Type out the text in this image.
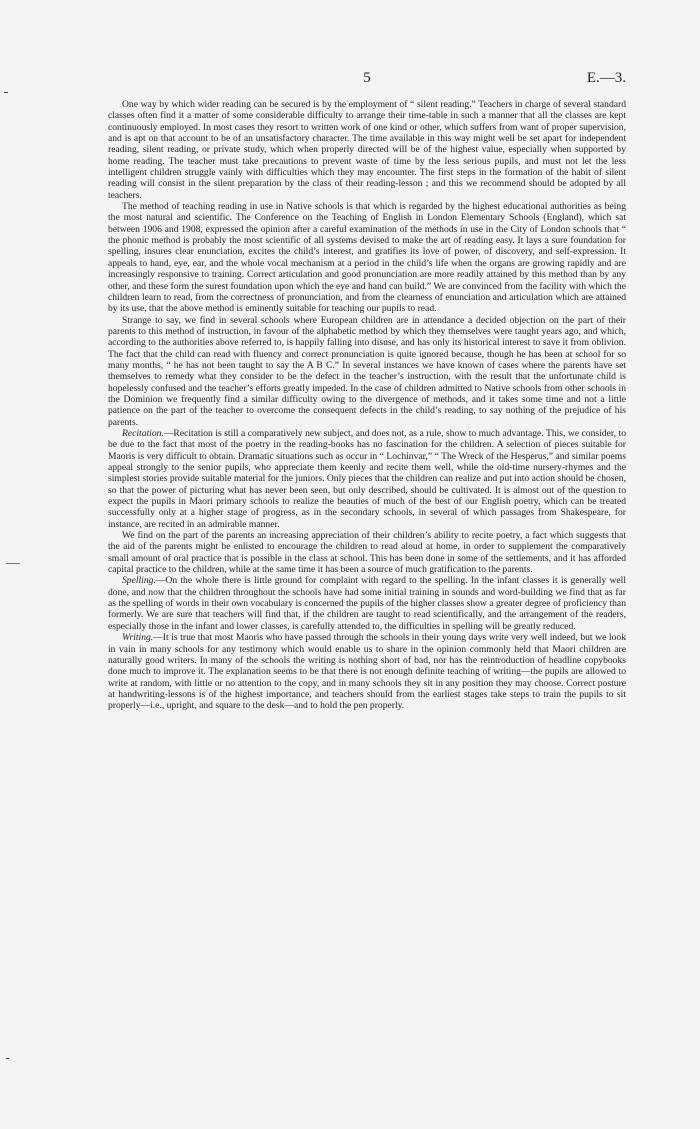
5	E.—3.

One way by which wider reading can be secured is by the employment of “ silent reading.” Teachers in charge of several standard classes often find it a matter of some considerable difficulty to arrange their time-table in such a manner that all the classes are kept continuously employed. In most cases they resort to written work of one kind or other, which suffers from want of proper supervision, and is apt on that account to be of an unsatisfactory character. The time available in this way might well be set apart for independent reading, silent reading, or private study, which when properly directed will be of the highest value, especially when supported by home reading. The teacher must take precautions to prevent waste of time by the less serious pupils, and must not let the less intelligent children struggle vainly with difficulties which they may encounter. The first steps in the formation of the habit of silent reading will consist in the silent preparation by the class of their reading-lesson ; and this we recommend should be adopted by all teachers.

The method of teaching reading in use in Native schools is that which is regarded by the highest educational authorities as being the most natural and scientific. The Conference on the Teaching of English in London Elementary Schools (England), which sat between 1906 and 1908, expressed the opinion after a careful examination of the methods in use in the City of London schools that “ the phonic method is probably the most scientific of all systems devised to make the art of reading easy. It lays a sure foundation for spelling, insures clear enunciation, excites the child’s interest, and gratifies its love of power, of discovery, and self-expression. It appeals to hand, eye, ear, and the whole vocal mechanism at a period in the child’s life when the organs are growing rapidly and are increasingly responsive to training. Correct articulation and good pronunciation are more readily attained by this method than by any other, and these form the surest foundation upon which the eye and hand can build.” We are convinced from the facility with which the children learn to read, from the correctness of pronunciation, and from the clearness of enunciation and articulation which are attained by its use, that the above method is eminently suitable for teaching our pupils to read.

Strange to say, we find in several schools where European children are in attendance a decided objection on the part of their parents to this method of instruction, in favour of the alphabetic method by which they themselves were taught years ago, and which, according to the authorities above referred to, is happily falling into disuse, and has only its historical interest to save it from oblivion. The fact that the child can read with fluency and correct pronunciation is quite ignored because, though he has been at school for so many months, “ he has not been taught to say the A B C.” In several instances we have known of cases where the parents have set themselves to remedy what they consider to be the defect in the teacher’s instruction, with the result that the unfortunate child is hopelessly confused and the teacher’s efforts greatly impeded. In the case of children admitted to Native schools from other schools in the Dominion we frequently find a similar difficulty owing to the divergence of methods, and it takes some time and not a little patience on the part of the teacher to overcome the consequent defects in the child’s reading, to say nothing of the prejudice of his parents.

Recitation.—Recitation is still a comparatively new subject, and does not, as a rule, show to much advantage. This, we consider, to be due to the fact that most of the poetry in the reading-books has no fascination for the children. A selection of pieces suitable for Maoris is very difficult to obtain. Dramatic situations such as occur in “ Lochinvar,” “ The Wreck of the Hesperus,” and similar poems appeal strongly to the senior pupils, who appreciate them keenly and recite them well, while the old-time nursery-rhymes and the simplest stories provide suitable material for the juniors. Only pieces that the children can realize and put into action should be chosen, so that the power of picturing what has never been seen, but only described, should be cultivated. It is almost out of the question to expect the pupils in Maori primary schools to realize the beauties of much of the best of our English poetry, which can be treated successfully only at a higher stage of progress, as in the secondary schools, in several of which passages from Shakespeare, for instance, are recited in an admirable manner.

We find on the part of the parents an increasing appreciation of their children’s ability to recite poetry, a fact which suggests that the aid of the parents might be enlisted to encourage the children to read aloud at home, in order to supplement the comparatively small amount of oral practice that is possible in the class at school. This has been done in some of the settlements, and it has afforded capital practice to the children, while at the same time it has been a source of much gratification to the parents.

Spelling.—On the whole there is little ground for complaint with regard to the spelling. In the infant classes it is generally well done, and now that the children throughout the schools have had some initial training in sounds and word-building we find that as far as the spelling of words in their own vocabulary is concerned the pupils of the higher classes show a greater degree of proficiency than formerly. We are sure that teachers will find that, if the children are taught to read scientifically, and the arrangement of the readers, especially those in the infant and lower classes, is carefully attended to, the difficulties in spelling will be greatly reduced.

Writing.—It is true that most Maoris who have passed through the schools in their young days write very well indeed, but we look in vain in many schools for any testimony which would enable us to share in the opinion commonly held that Maori children are naturally good writers. In many of the schools the writing is nothing short of bad, nor has the reintroduction of headline copybooks done much to improve it. The explanation seems to be that there is not enough definite teaching of writing—the pupils are allowed to write at random, with little or no attention to the copy, and in many schools they sit in any position they may choose. Correct posture at handwriting-lessons is of the highest importance, and teachers should from the earliest stages take steps to train the pupils to sit properly—i.e., upright, and square to the desk—and to hold the pen properly.
